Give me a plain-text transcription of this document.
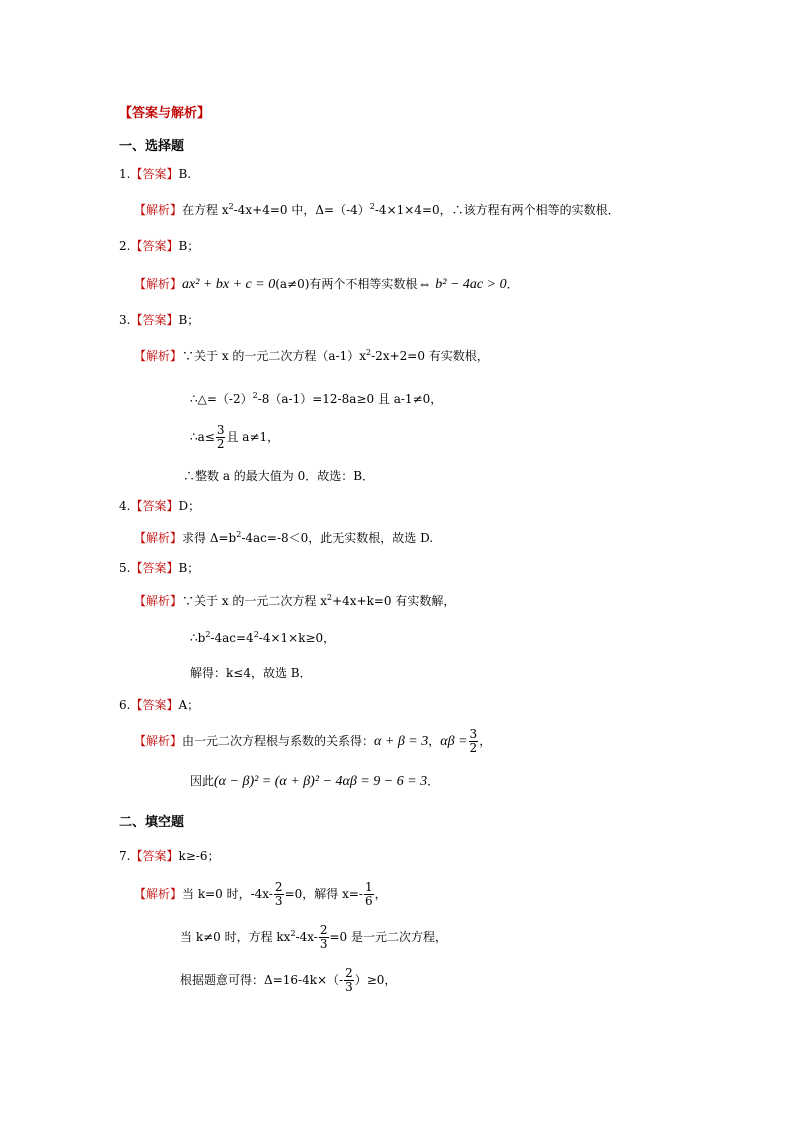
【答案与解析】
一、选择题
1.【答案】B.
【解析】在方程 $x^2-4x+4=0$ 中，$\Delta=(-4)^2-4\times 1\times 4=0$，∴该方程有两个相等的实数根．
2.【答案】B；
【解析】ax² + bx + c = 0(a≠0)有两个不相等实数根⇔ b² − 4ac > 0．
3.【答案】B；
【解析】∵关于 x 的一元二次方程$(a-1)x^2-2x+2=0$ 有实数根，
$\therefore\triangle=(-2)^2-8(a-1)=12-8a\ge 0$ 且 a-1≠0，
∴a≤ $\frac{3}{2}$ 且 a≠1，
∴整数 a 的最大值为 0．故选：B．
4.【答案】D；
【解析】求得 $\Delta=b^2-4ac=-8<0$，此无实数根，故选 D.
5.【答案】B；
【解析】∵关于 x 的一元二次方程 $x^2+4x+k=0$ 有实数解，
$\therefore b^2-4ac=4^2-4\times 1\times k\ge 0$，
解得：k≤4，故选 B．
6.【答案】A；
【解析】由一元二次方程根与系数的关系得：α + β = 3，$\alpha\beta = \frac{3}{2}$ ，
因此(α − β)² = (α + β)² − 4αβ = 9 − 6 = 3．
二、填空题
7.【答案】k≥-6；
【解析】当 k=0 时，$-4x- \frac{2}{3} =0$，解得 $x=- \frac{1}{6}$ ，
当 k≠0 时，方程 $kx^2-4x- \frac{2}{3} =0$ 是一元二次方程，
根据题意可得：$\Delta=16-4k\times(- \frac{2}{3} )\ge 0$，
